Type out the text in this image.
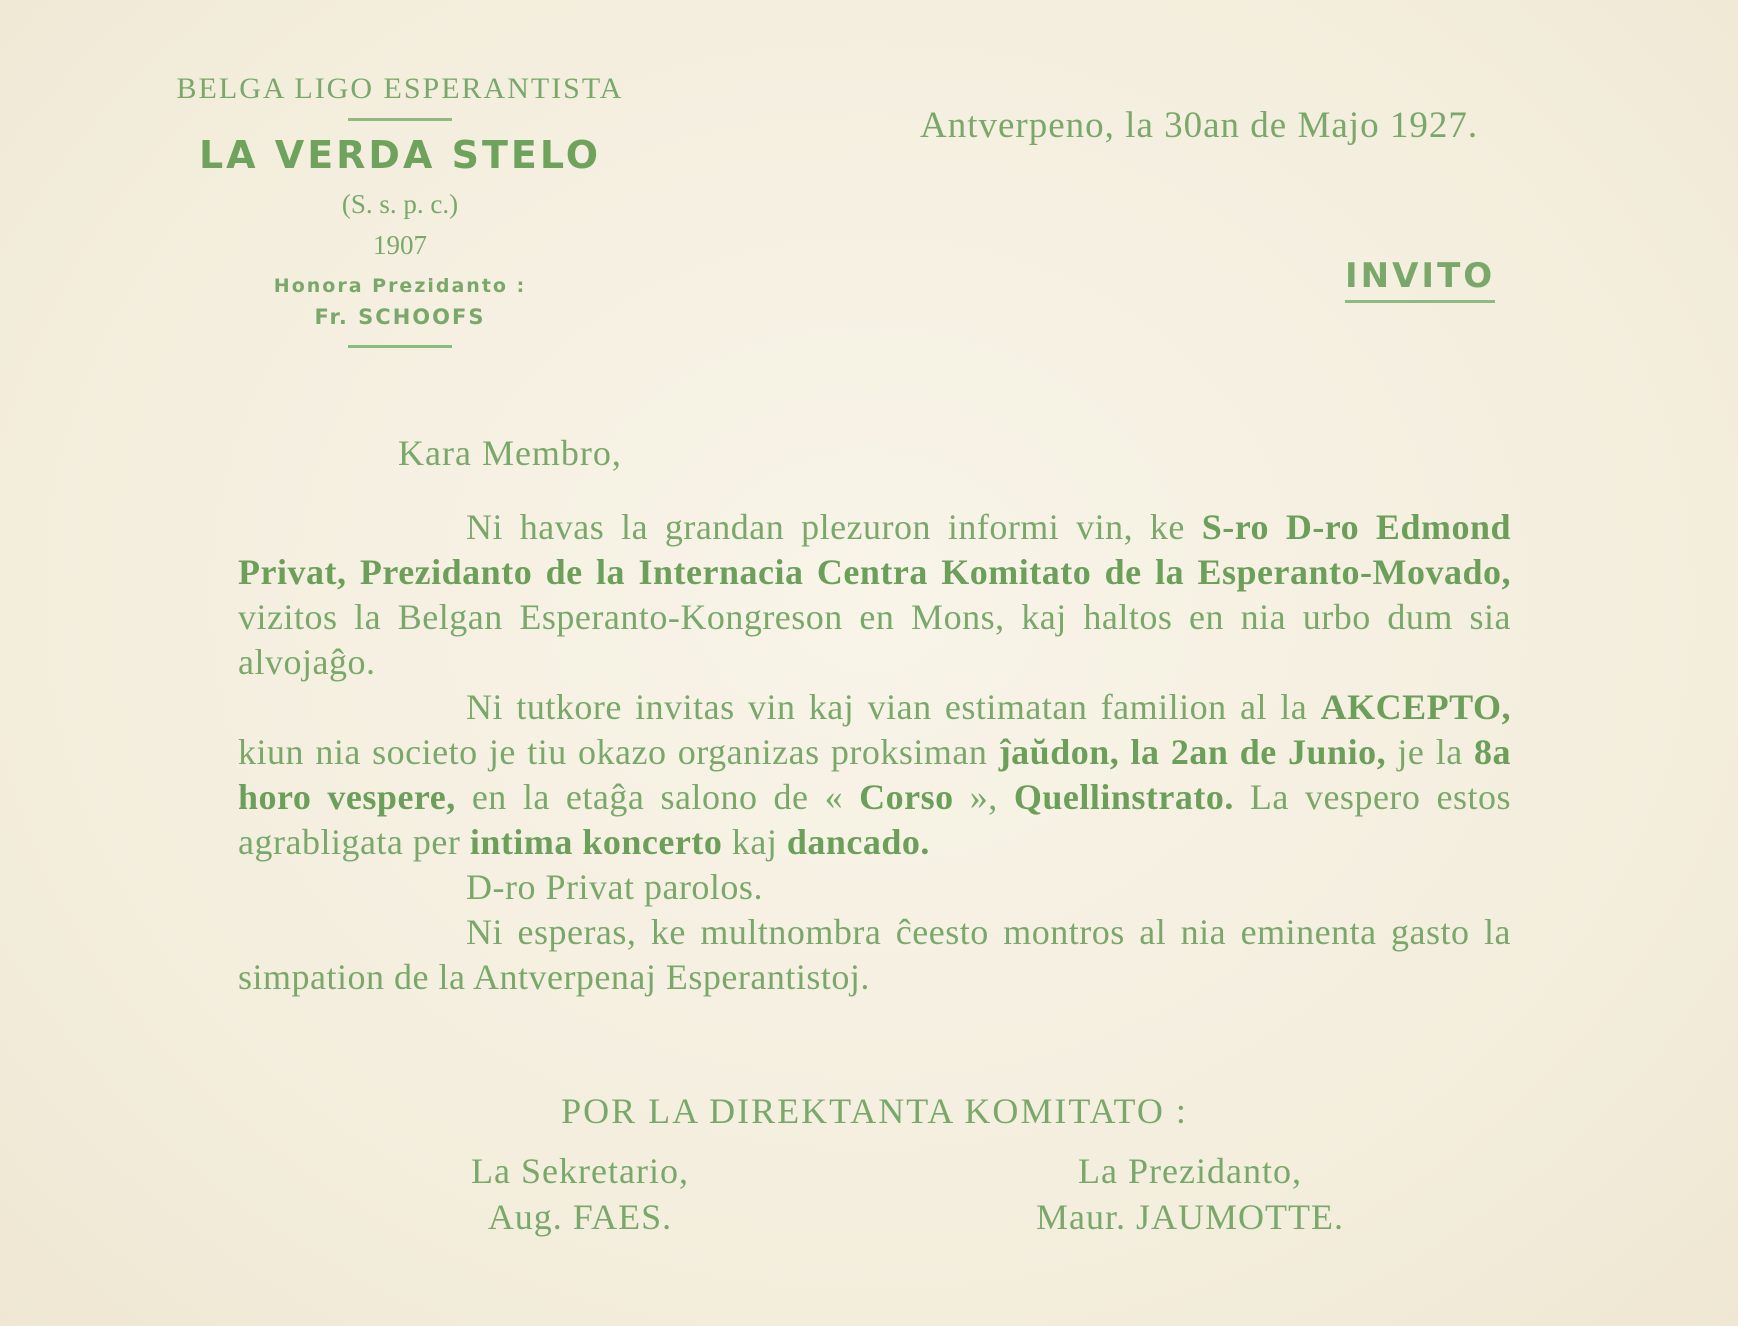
BELGA LIGO ESPERANTISTA

LA VERDA STELO

(S. s. p. c.)

1907

Honora Prezidanto :

Fr. SCHOOFS

Antverpeno, la 30an de Majo 1927.
INVITO
Kara Membro,

Ni havas la grandan plezuron informi vin, ke S-ro D-ro Edmond Privat, Prezidanto de la Internacia Centra Komitato de la Esperanto-Movado, vizitos la Belgan Esperanto-Kongreson en Mons, kaj haltos en nia urbo dum sia alvojaĝo.

Ni tutkore invitas vin kaj vian estimatan familion al la AKCEPTO, kiun nia societo je tiu okazo organizas proksiman ĵaŭdon, la 2an de Junio, je la 8a horo vespere, en la etaĝa salono de « Corso », Quellinstrato. La vespero estos agrabligata per intima koncerto kaj dancado.

D-ro Privat parolos.

Ni esperas, ke multnombra ĉeesto montros al nia eminenta gasto la simpation de la Antverpenaj Esperantistoj.

POR LA DIREKTANTA KOMITATO :
La Sekretario,
Aug. FAES.
La Prezidanto,
Maur. JAUMOTTE.
